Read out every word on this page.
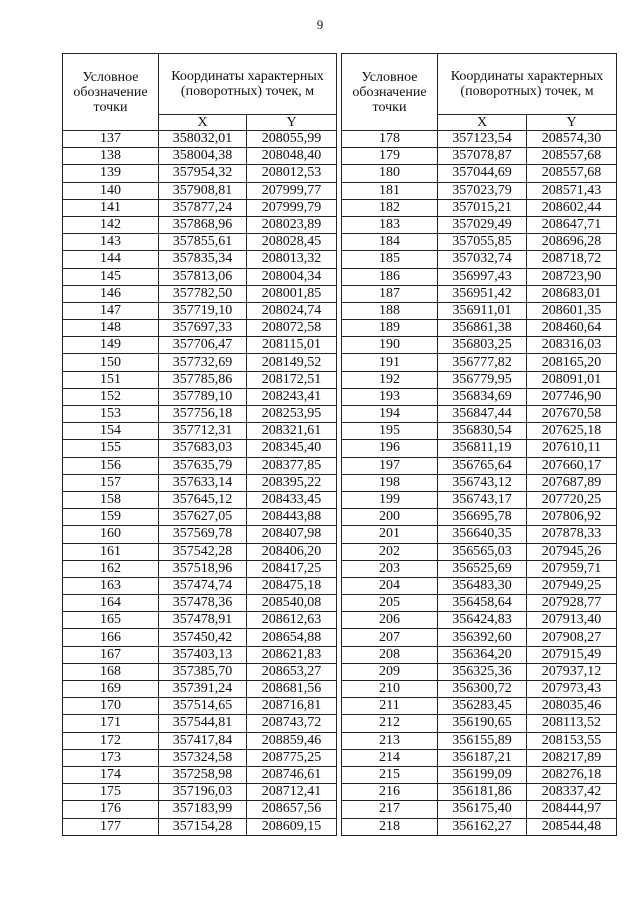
9
Условное обозначение точки	Координаты характерных (поворотных) точек, м	
	X	Y
137	358032,01	208055,99
138	358004,38	208048,40
139	357954,32	208012,53
140	357908,81	207999,77
141	357877,24	207999,79
142	357868,96	208023,89
143	357855,61	208028,45
144	357835,34	208013,32
145	357813,06	208004,34
146	357782,50	208001,85
147	357719,10	208024,74
148	357697,33	208072,58
149	357706,47	208115,01
150	357732,69	208149,52
151	357785,86	208172,51
152	357789,10	208243,41
153	357756,18	208253,95
154	357712,31	208321,61
155	357683,03	208345,40
156	357635,79	208377,85
157	357633,14	208395,22
158	357645,12	208433,45
159	357627,05	208443,88
160	357569,78	208407,98
161	357542,28	208406,20
162	357518,96	208417,25
163	357474,74	208475,18
164	357478,36	208540,08
165	357478,91	208612,63
166	357450,42	208654,88
167	357403,13	208621,83
168	357385,70	208653,27
169	357391,24	208681,56
170	357514,65	208716,81
171	357544,81	208743,72
172	357417,84	208859,46
173	357324,58	208775,25
174	357258,98	208746,61
175	357196,03	208712,41
176	357183,99	208657,56
177	357154,28	208609,15
Условное обозначение точки	Координаты характерных (поворотных) точек, м	
	X	Y
178	357123,54	208574,30
179	357078,87	208557,68
180	357044,69	208557,68
181	357023,79	208571,43
182	357015,21	208602,44
183	357029,49	208647,71
184	357055,85	208696,28
185	357032,74	208718,72
186	356997,43	208723,90
187	356951,42	208683,01
188	356911,01	208601,35
189	356861,38	208460,64
190	356803,25	208316,03
191	356777,82	208165,20
192	356779,95	208091,01
193	356834,69	207746,90
194	356847,44	207670,58
195	356830,54	207625,18
196	356811,19	207610,11
197	356765,64	207660,17
198	356743,12	207687,89
199	356743,17	207720,25
200	356695,78	207806,92
201	356640,35	207878,33
202	356565,03	207945,26
203	356525,69	207959,71
204	356483,30	207949,25
205	356458,64	207928,77
206	356424,83	207913,40
207	356392,60	207908,27
208	356364,20	207915,49
209	356325,36	207937,12
210	356300,72	207973,43
211	356283,45	208035,46
212	356190,65	208113,52
213	356155,89	208153,55
214	356187,21	208217,89
215	356199,09	208276,18
216	356181,86	208337,42
217	356175,40	208444,97
218	356162,27	208544,48
